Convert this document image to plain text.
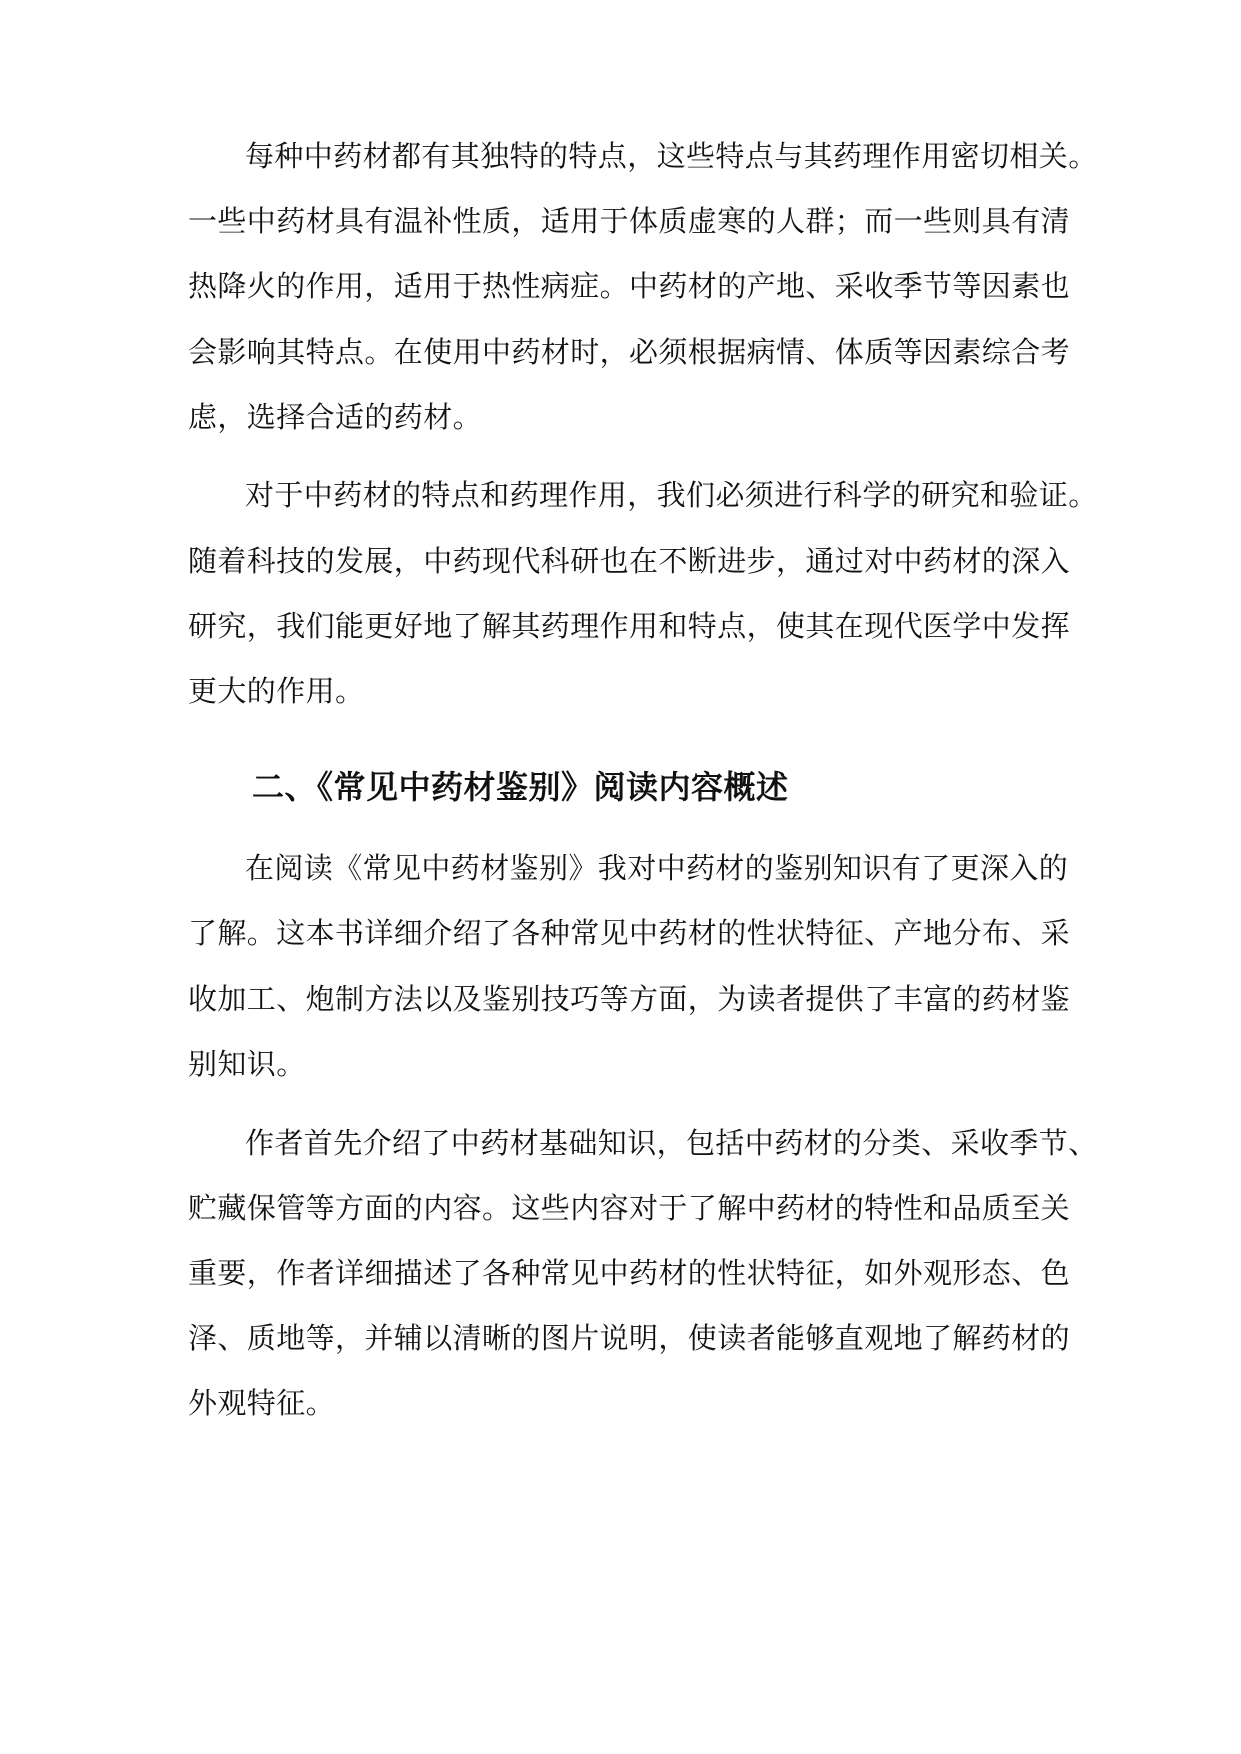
每种中药材都有其独特的特点，这些特点与其药理作用密切相关。
一些中药材具有温补性质，适用于体质虚寒的人群；而一些则具有清
热降火的作用，适用于热性病症。中药材的产地、采收季节等因素也
会影响其特点。在使用中药材时，必须根据病情、体质等因素综合考
虑，选择合适的药材。
对于中药材的特点和药理作用，我们必须进行科学的研究和验证。
随着科技的发展，中药现代科研也在不断进步，通过对中药材的深入
研究，我们能更好地了解其药理作用和特点，使其在现代医学中发挥
更大的作用。
二、《常见中药材鉴别》阅读内容概述
在阅读《常见中药材鉴别》我对中药材的鉴别知识有了更深入的
了解。这本书详细介绍了各种常见中药材的性状特征、产地分布、采
收加工、炮制方法以及鉴别技巧等方面，为读者提供了丰富的药材鉴
别知识。
作者首先介绍了中药材基础知识，包括中药材的分类、采收季节、
贮藏保管等方面的内容。这些内容对于了解中药材的特性和品质至关
重要，作者详细描述了各种常见中药材的性状特征，如外观形态、色
泽、质地等，并辅以清晰的图片说明，使读者能够直观地了解药材的
外观特征。
